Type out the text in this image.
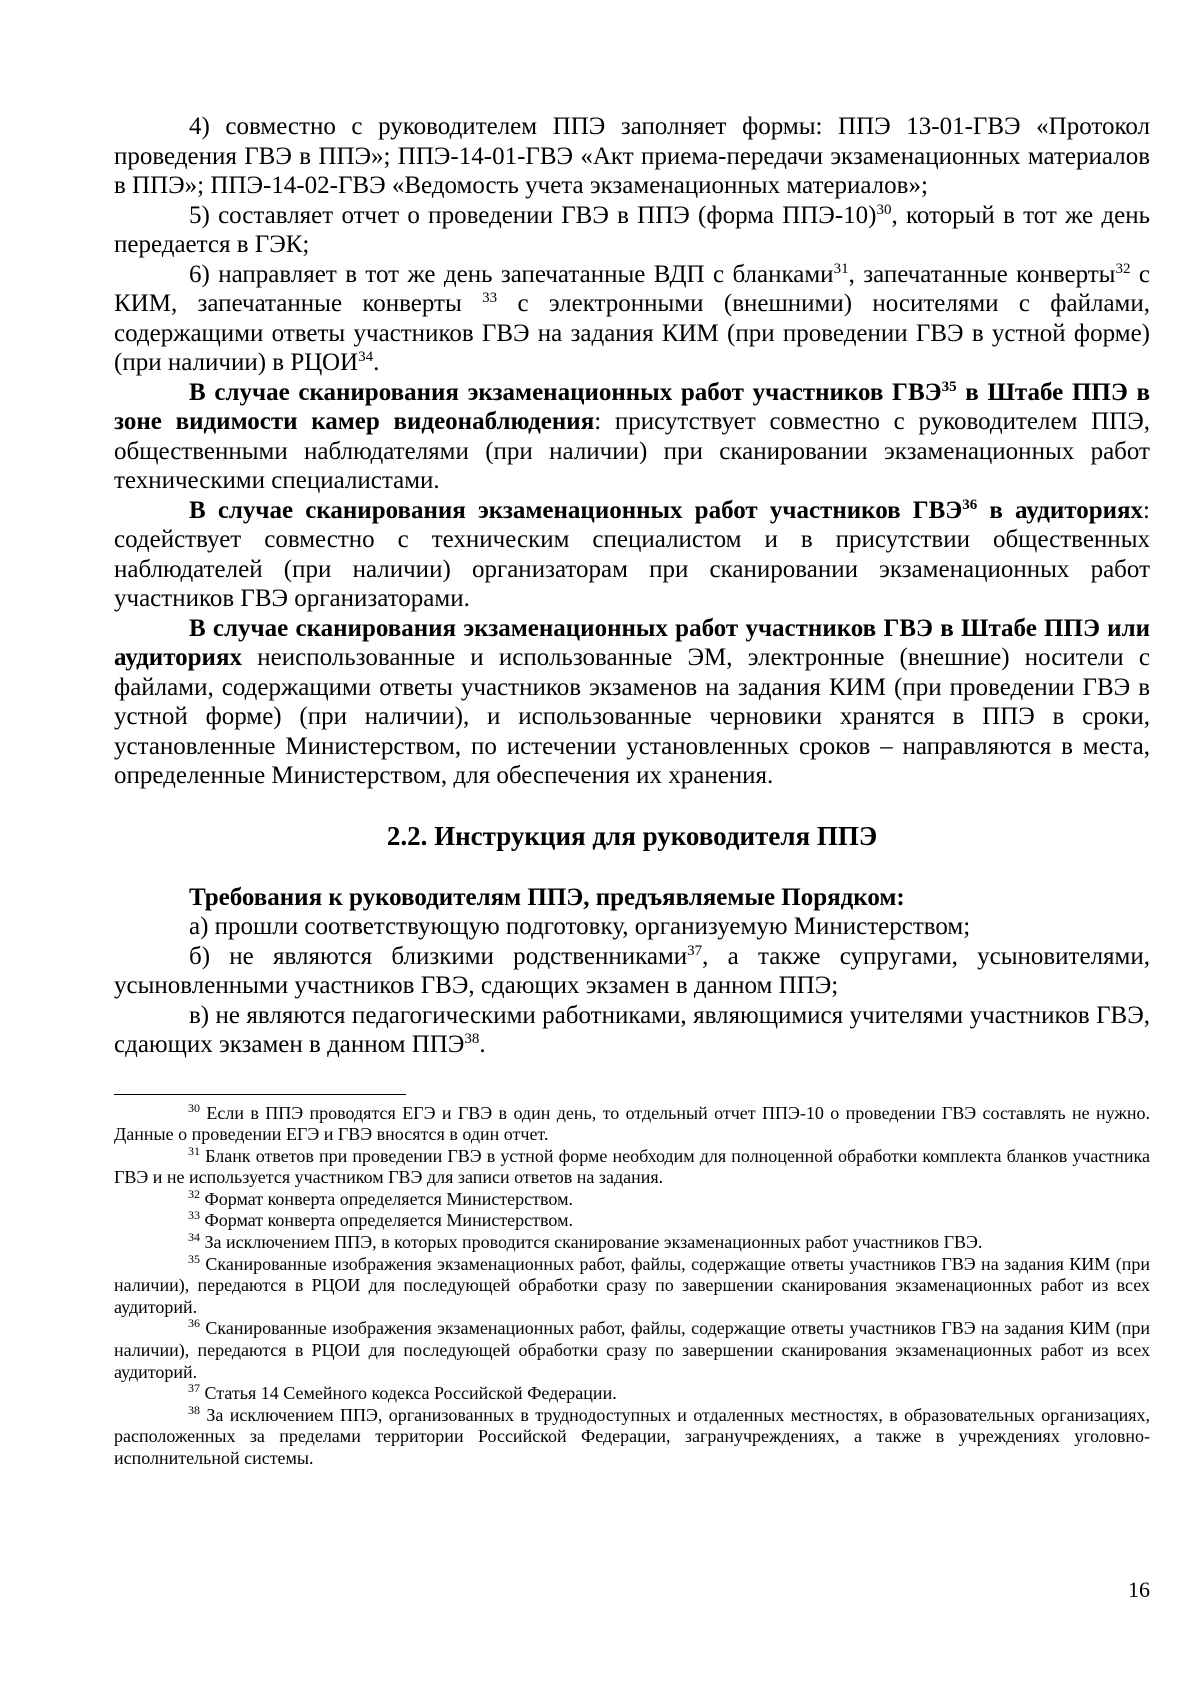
4) совместно с руководителем ППЭ заполняет формы: ППЭ 13-01-ГВЭ «Протокол проведения ГВЭ в ППЭ»; ППЭ-14-01-ГВЭ «Акт приема-передачи экзаменационных материалов в ППЭ»; ППЭ-14-02-ГВЭ «Ведомость учета экзаменационных материалов»;

5) составляет отчет о проведении ГВЭ в ППЭ (форма ППЭ-10)$^{30}$, который в тот же день передается в ГЭК;

6) направляет в тот же день запечатанные ВДП с бланками$^{31}$, запечатанные конверты$^{32}$ с КИМ, запечатанные конверты $^{33}$ с электронными (внешними) носителями с файлами, содержащими ответы участников ГВЭ на задания КИМ (при проведении ГВЭ в устной форме) (при наличии) в РЦОИ$^{34}$.

В случае сканирования экзаменационных работ участников ГВЭ$^{35}$ в Штабе ППЭ в зоне видимости камер видеонаблюдения: присутствует совместно с руководителем ППЭ, общественными наблюдателями (при наличии) при сканировании экзаменационных работ техническими специалистами.

В случае сканирования экзаменационных работ участников ГВЭ$^{36}$ в аудиториях: содействует совместно с техническим специалистом и в присутствии общественных наблюдателей (при наличии) организаторам при сканировании экзаменационных работ участников ГВЭ организаторами.

В случае сканирования экзаменационных работ участников ГВЭ в Штабе ППЭ или аудиториях неиспользованные и использованные ЭМ, электронные (внешние) носители с файлами, содержащими ответы участников экзаменов на задания КИМ (при проведении ГВЭ в устной форме) (при наличии), и использованные черновики хранятся в ППЭ в сроки, установленные Министерством, по истечении установленных сроков – направляются в места, определенные Министерством, для обеспечения их хранения.

2.2. Инструкция для руководителя ППЭ

Требования к руководителям ППЭ, предъявляемые Порядком:

а) прошли соответствующую подготовку, организуемую Министерством;

б) не являются близкими родственниками$^{37}$, а также супругами, усыновителями, усыновленными участников ГВЭ, сдающих экзамен в данном ППЭ;

в) не являются педагогическими работниками, являющимися учителями участников ГВЭ, сдающих экзамен в данном ППЭ$^{38}$.

$^{30}$ Если в ППЭ проводятся ЕГЭ и ГВЭ в один день, то отдельный отчет ППЭ-10 о проведении ГВЭ составлять не нужно. Данные о проведении ЕГЭ и ГВЭ вносятся в один отчет.

$^{31}$ Бланк ответов при проведении ГВЭ в устной форме необходим для полноценной обработки комплекта бланков участника ГВЭ и не используется участником ГВЭ для записи ответов на задания.

$^{32}$ Формат конверта определяется Министерством.

$^{33}$ Формат конверта определяется Министерством.

$^{34}$ За исключением ППЭ, в которых проводится сканирование экзаменационных работ участников ГВЭ.

$^{35}$ Сканированные изображения экзаменационных работ, файлы, содержащие ответы участников ГВЭ на задания КИМ (при наличии), передаются в РЦОИ для последующей обработки сразу по завершении сканирования экзаменационных работ из всех аудиторий.

$^{36}$ Сканированные изображения экзаменационных работ, файлы, содержащие ответы участников ГВЭ на задания КИМ (при наличии), передаются в РЦОИ для последующей обработки сразу по завершении сканирования экзаменационных работ из всех аудиторий.

$^{37}$ Статья 14 Семейного кодекса Российской Федерации.

$^{38}$ За исключением ППЭ, организованных в труднодоступных и отдаленных местностях, в образовательных организациях, расположенных за пределами территории Российской Федерации, загранучреждениях, а также в учреждениях уголовно-исполнительной системы.

16
